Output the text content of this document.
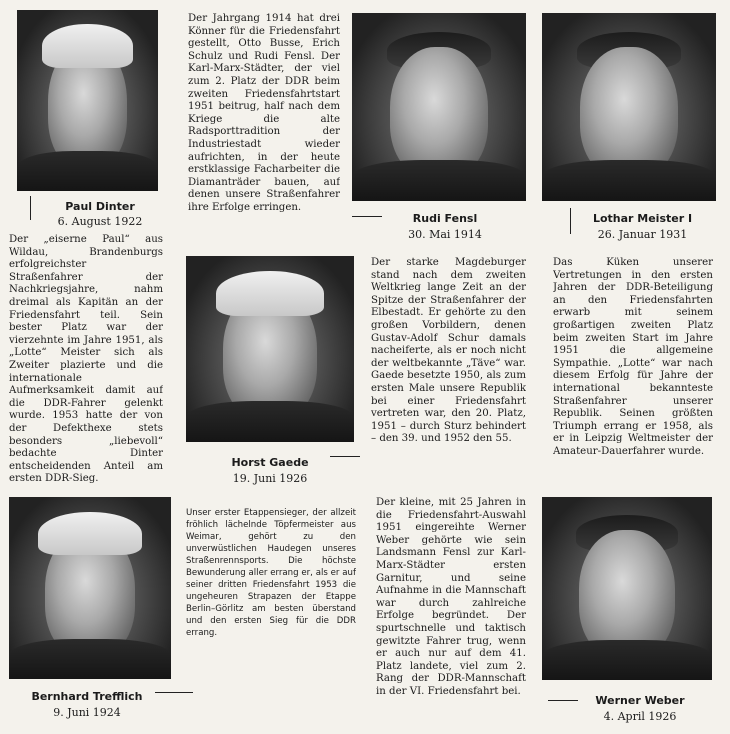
Paul Dinter
6. August 1922	Rudi Fensl
30. Mai 1914
Lothar Meister I
26. Januar 1931
Horst Gaede
19. Juni 1926
Bernhard Trefflich
9. Juni 1924
Werner Weber
4. April 1926
Der Jahrgang 1914 hat drei Könner für die Friedensfahrt gestellt, Otto Busse, Erich Schulz und Rudi Fensl. Der Karl-Marx-Städter, der viel zum 2. Platz der DDR beim zweiten Friedensfahrtstart 1951 beitrug, half nach dem Kriege die alte Radsporttradition der Industriestadt wieder aufrichten, in der heute erstklassige Facharbeiter die Diamanträder bauen, auf denen unsere Straßenfahrer ihre Erfolge erringen.
Der „eiserne Paul“ aus Wildau, Brandenburgs erfolgreichster Straßenfahrer der Nachkriegsjahre, nahm dreimal als Kapitän an der Friedensfahrt teil. Sein bester Platz war der vierzehnte im Jahre 1951, als „Lotte“ Meister sich als Zweiter plazierte und die internationale Aufmerksamkeit damit auf die DDR-Fahrer gelenkt wurde. 1953 hatte der von der Defekthexe stets besonders „liebevoll“ bedachte Dinter entscheidenden Anteil am ersten DDR-Sieg.
Der starke Magdeburger stand nach dem zweiten Weltkrieg lange Zeit an der Spitze der Straßenfahrer der Elbestadt. Er gehörte zu den großen Vorbildern, denen Gustav-Adolf Schur damals nacheiferte, als er noch nicht der weltbekannte „Täve“ war. Gaede besetzte 1950, als zum ersten Male unsere Republik bei einer Friedensfahrt vertreten war, den 20. Platz, 1951 – durch Sturz behindert – den 39. und 1952 den 55.
Das Küken unserer Vertretungen in den ersten Jahren der DDR-Beteiligung an den Friedensfahrten erwarb mit seinem großartigen zweiten Platz beim zweiten Start im Jahre 1951 die allgemeine Sympathie. „Lotte“ war nach diesem Erfolg für Jahre der international bekannteste Straßenfahrer unserer Republik. Seinen größten Triumph errang er 1958, als er in Leipzig Weltmeister der Amateur-Dauerfahrer wurde.
Unser erster Etappensieger, der allzeit fröhlich lächelnde Töpfermeister aus Weimar, gehört zu den unverwüstlichen Haudegen unseres Straßenrennsports. Die höchste Bewunderung aller errang er, als er auf seiner dritten Friedensfahrt 1953 die ungeheuren Strapazen der Etappe Berlin–Görlitz am besten überstand und den ersten Sieg für die DDR errang.
Der kleine, mit 25 Jahren in die Friedensfahrt-Auswahl 1951 eingereihte Werner Weber gehörte wie sein Landsmann Fensl zur Karl-Marx-Städter ersten Garnitur, und seine Aufnahme in die Mannschaft war durch zahlreiche Erfolge begründet. Der spurtschnelle und taktisch gewitzte Fahrer trug, wenn er auch nur auf dem 41. Platz landete, viel zum 2. Rang der DDR-Mannschaft in der VI. Friedensfahrt bei.
